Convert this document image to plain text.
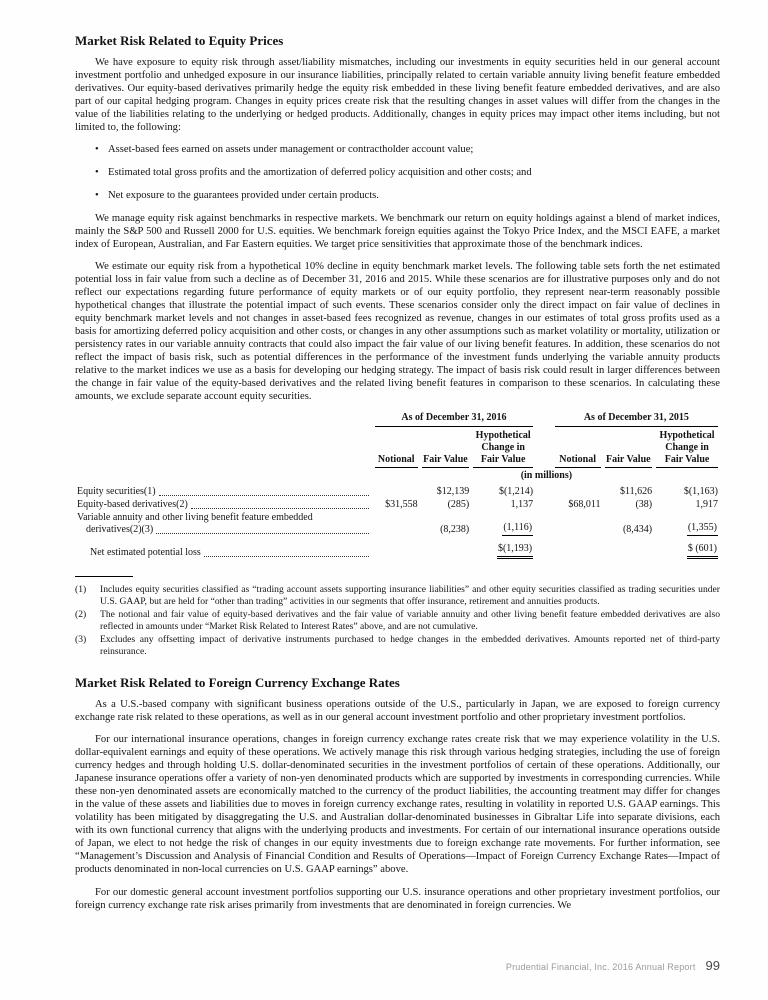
Market Risk Related to Equity Prices

We have exposure to equity risk through asset/liability mismatches, including our investments in equity securities held in our general account investment portfolio and unhedged exposure in our insurance liabilities, principally related to certain variable annuity living benefit feature embedded derivatives. Our equity-based derivatives primarily hedge the equity risk embedded in these living benefit feature embedded derivatives, and are also part of our capital hedging program. Changes in equity prices create risk that the resulting changes in asset values will differ from the changes in the value of the liabilities relating to the underlying or hedged products. Additionally, changes in equity prices may impact other items including, but not limited to, the following:

• Asset-based fees earned on assets under management or contractholder account value;
• Estimated total gross profits and the amortization of deferred policy acquisition and other costs; and
• Net exposure to the guarantees provided under certain products.

We manage equity risk against benchmarks in respective markets. We benchmark our return on equity holdings against a blend of market indices, mainly the S&P 500 and Russell 2000 for U.S. equities. We benchmark foreign equities against the Tokyo Price Index, and the MSCI EAFE, a market index of European, Australian, and Far Eastern equities. We target price sensitivities that approximate those of the benchmark indices.

We estimate our equity risk from a hypothetical 10% decline in equity benchmark market levels. The following table sets forth the net estimated potential loss in fair value from such a decline as of December 31, 2016 and 2015. While these scenarios are for illustrative purposes only and do not reflect our expectations regarding future performance of equity markets or of our equity portfolio, they represent near-term reasonably possible hypothetical changes that illustrate the potential impact of such events. These scenarios consider only the direct impact on fair value of declines in equity benchmark market levels and not changes in asset-based fees recognized as revenue, changes in our estimates of total gross profits used as a basis for amortizing deferred policy acquisition and other costs, or changes in any other assumptions such as market volatility or mortality, utilization or persistency rates in our variable annuity contracts that could also impact the fair value of our living benefit features. In addition, these scenarios do not reflect the impact of basis risk, such as potential differences in the performance of the investment funds underlying the variable annuity products relative to the market indices we use as a basis for developing our hedging strategy. The impact of basis risk could result in larger differences between the change in fair value of the equity-based derivatives and the related living benefit features in comparison to these scenarios. In calculating these amounts, we exclude separate account equity securities.

	As of December 31, 2016				As of December 31, 2015		

	Notional	Fair Value	Hypothetical Change in Fair Value		Notional	Fair Value	Hypothetical Change in Fair Value

	(in millions)						

Equity securities(1)		$12,139	$(1,214)			$11,626	$(1,163)

Equity-based derivatives(2)	$31,558	(285)	1,137		$68,011	(38)	1,917

Variable annuity and other living benefit feature embedded
derivatives(2)(3)		(8,238)	(1,116)			(8,434)	(1,355)

Net estimated potential loss			$(1,193)				$ (601)
(1)	Includes equity securities classified as “trading account assets supporting insurance liabilities” and other equity securities classified as trading securities under U.S. GAAP, but are held for “other than trading” activities in our segments that offer insurance, retirement and annuities products.
(2)	The notional and fair value of equity-based derivatives and the fair value of variable annuity and other living benefit feature embedded derivatives are also reflected in amounts under “Market Risk Related to Interest Rates” above, and are not cumulative.
(3)	Excludes any offsetting impact of derivative instruments purchased to hedge changes in the embedded derivatives. Amounts reported net of third-party reinsurance.
Market Risk Related to Foreign Currency Exchange Rates

As a U.S.-based company with significant business operations outside of the U.S., particularly in Japan, we are exposed to foreign currency exchange rate risk related to these operations, as well as in our general account investment portfolio and other proprietary investment portfolios.

For our international insurance operations, changes in foreign currency exchange rates create risk that we may experience volatility in the U.S. dollar-equivalent earnings and equity of these operations. We actively manage this risk through various hedging strategies, including the use of foreign currency hedges and through holding U.S. dollar-denominated securities in the investment portfolios of certain of these operations. Additionally, our Japanese insurance operations offer a variety of non-yen denominated products which are supported by investments in corresponding currencies. While these non-yen denominated assets are economically matched to the currency of the product liabilities, the accounting treatment may differ for changes in the value of these assets and liabilities due to moves in foreign currency exchange rates, resulting in volatility in reported U.S. GAAP earnings. This volatility has been mitigated by disaggregating the U.S. and Australian dollar-denominated businesses in Gibraltar Life into separate divisions, each with its own functional currency that aligns with the underlying products and investments. For certain of our international insurance operations outside of Japan, we elect to not hedge the risk of changes in our equity investments due to foreign exchange rate movements. For further information, see “Management’s Discussion and Analysis of Financial Condition and Results of Operations—Impact of Foreign Currency Exchange Rates—Impact of products denominated in non-local currencies on U.S. GAAP earnings” above.

For our domestic general account investment portfolios supporting our U.S. insurance operations and other proprietary investment portfolios, our foreign currency exchange rate risk arises primarily from investments that are denominated in foreign currencies. We

Prudential Financial, Inc. 2016 Annual Report 99
